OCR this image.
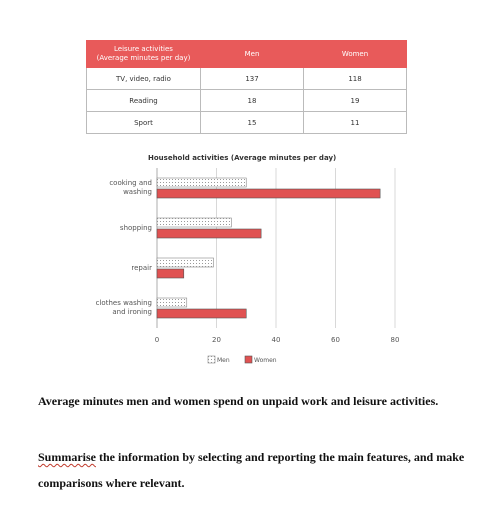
Leisure activities
(Average minutes per day)	Men	Women
TV, video, radio	137	118
Reading	18	19
Sport	15	11
Household activities (Average minutes per day)
cooking and
washing
shopping
repair
clothes washing
and ironing
0	20	40	60	80
Men	Women

Average minutes men and women spend on unpaid work and leisure activities.

Summarise the information by selecting and reporting the main features, and make comparisons where relevant.
